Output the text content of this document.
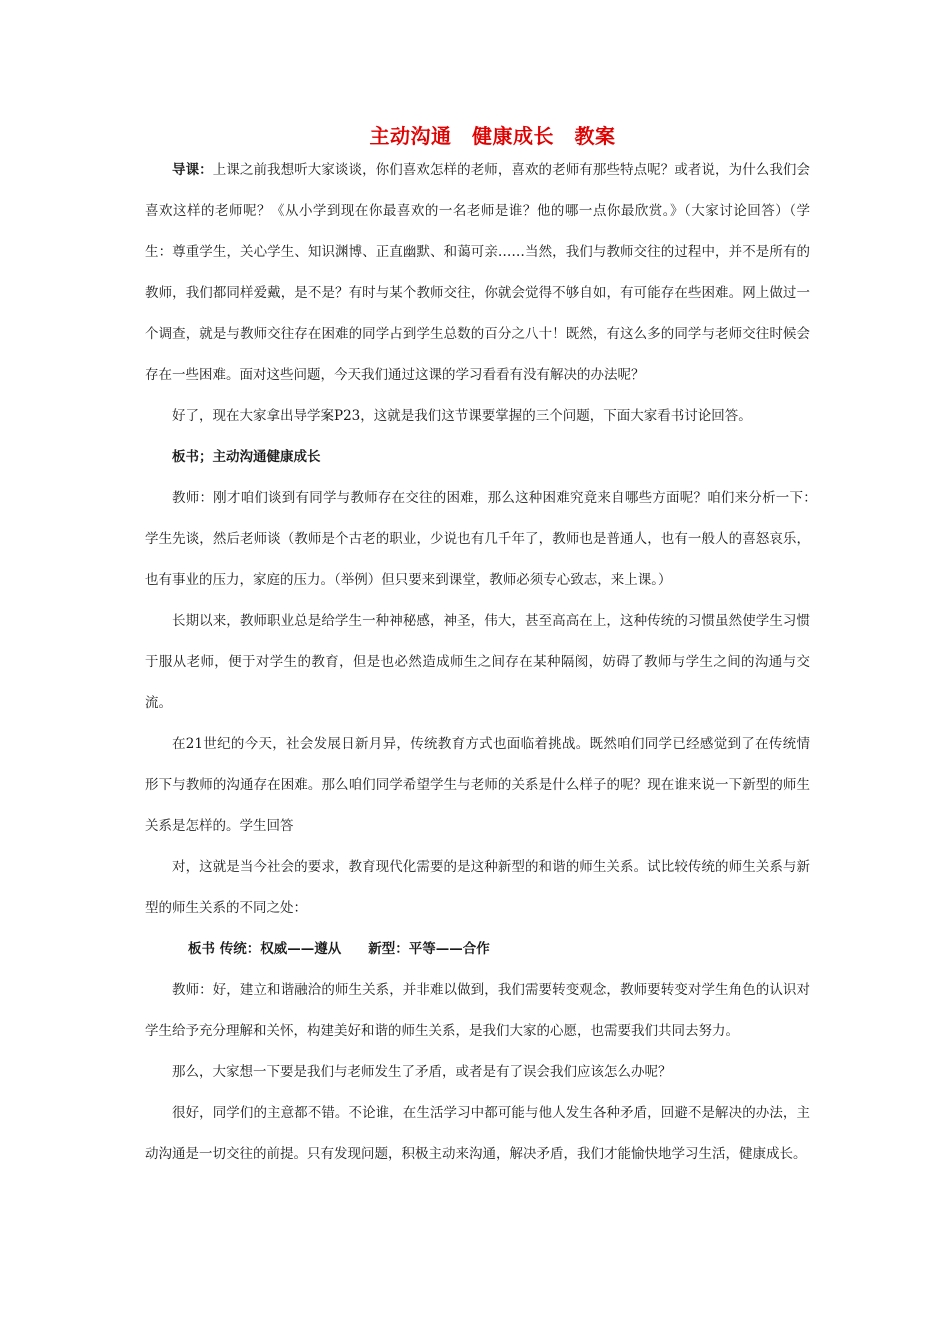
主动沟通　健康成长　教案

导课：上课之前我想听大家谈谈，你们喜欢怎样的老师，喜欢的老师有那些特点呢？或者说，为什么我们会喜欢这样的老师呢？《从小学到现在你最喜欢的一名老师是谁？他的哪一点你最欣赏。》（大家讨论回答）（学生：尊重学生，关心学生、知识渊博、正直幽默、和蔼可亲……当然，我们与教师交往的过程中，并不是所有的教师，我们都同样爱戴，是不是？有时与某个教师交往，你就会觉得不够自如，有可能存在些困难。网上做过一个调查，就是与教师交往存在困难的同学占到学生总数的百分之八十！既然，有这么多的同学与老师交往时候会存在一些困难。面对这些问题，今天我们通过这课的学习看看有没有解决的办法呢？

好了，现在大家拿出导学案P23，这就是我们这节课要掌握的三个问题，下面大家看书讨论回答。

板书；主动沟通健康成长

教师：刚才咱们谈到有同学与教师存在交往的困难，那么这种困难究竟来自哪些方面呢？咱们来分析一下：　　学生先谈，然后老师谈（教师是个古老的职业，少说也有几千年了，教师也是普通人，也有一般人的喜怒哀乐，也有事业的压力，家庭的压力。（举例）但只要来到课堂，教师必须专心致志，来上课。）

长期以来，教师职业总是给学生一种神秘感，神圣，伟大，甚至高高在上，这种传统的习惯虽然使学生习惯于服从老师，便于对学生的教育，但是也必然造成师生之间存在某种隔阂，妨碍了教师与学生之间的沟通与交流。

在21世纪的今天，社会发展日新月异，传统教育方式也面临着挑战。既然咱们同学已经感觉到了在传统情形下与教师的沟通存在困难。那么咱们同学希望学生与老师的关系是什么样子的呢？现在谁来说一下新型的师生关系是怎样的。学生回答

对，这就是当今社会的要求，教育现代化需要的是这种新型的和谐的师生关系。试比较传统的师生关系与新型的师生关系的不同之处：

板书 传统：权威——遵从　　新型：平等——合作

教师：好，建立和谐融洽的师生关系，并非难以做到，我们需要转变观念，教师要转变对学生角色的认识对学生给予充分理解和关怀，构建美好和谐的师生关系，是我们大家的心愿，也需要我们共同去努力。

那么，大家想一下要是我们与老师发生了矛盾，或者是有了误会我们应该怎么办呢？

很好，同学们的主意都不错。不论谁，在生活学习中都可能与他人发生各种矛盾，回避不是解决的办法，主动沟通是一切交往的前提。只有发现问题，积极主动来沟通，解决矛盾，我们才能愉快地学习生活，健康成长。
